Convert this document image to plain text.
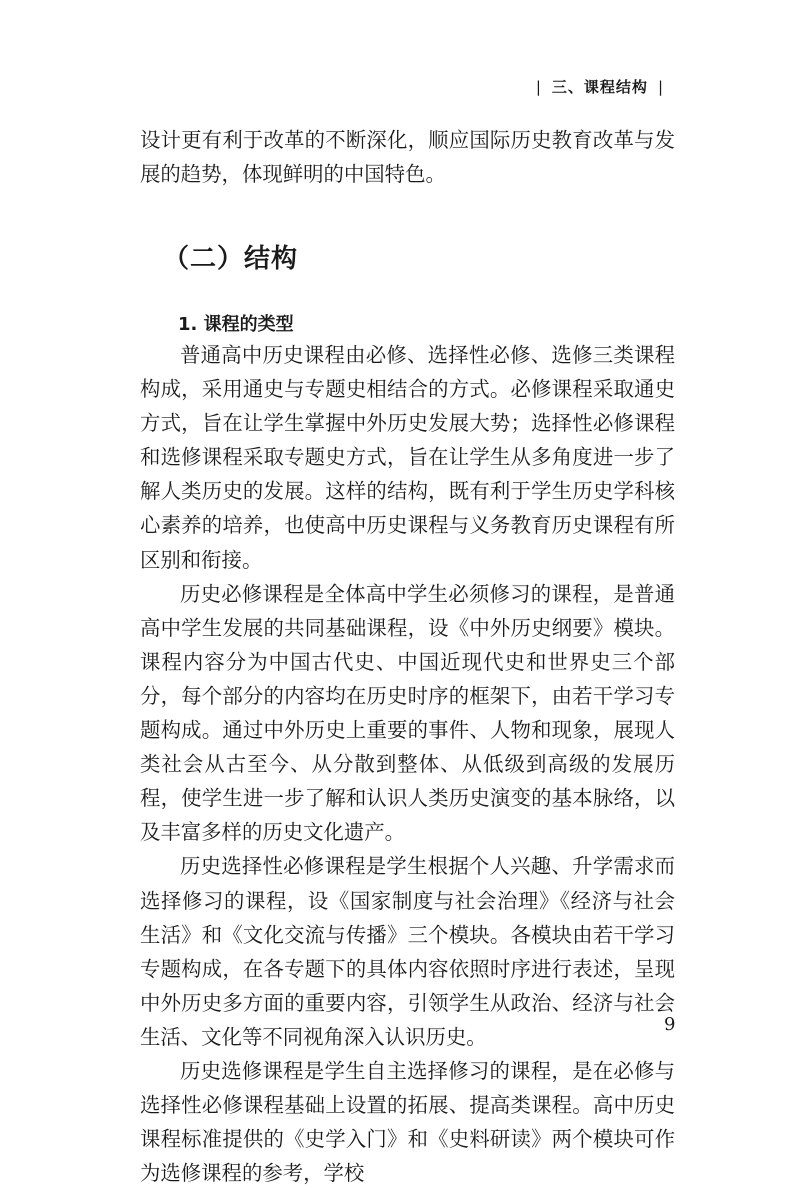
| 三、课程结构 |

设计更有利于改革的不断深化，顺应国际历史教育改革与发展的趋势，体现鲜明的中国特色。

（二）结构
1. 课程的类型

普通高中历史课程由必修、选择性必修、选修三类课程构成，采用通史与专题史相结合的方式。必修课程采取通史方式，旨在让学生掌握中外历史发展大势；选择性必修课程和选修课程采取专题史方式，旨在让学生从多角度进一步了解人类历史的发展。这样的结构，既有利于学生历史学科核心素养的培养，也使高中历史课程与义务教育历史课程有所区别和衔接。

历史必修课程是全体高中学生必须修习的课程，是普通高中学生发展的共同基础课程，设《中外历史纲要》模块。课程内容分为中国古代史、中国近现代史和世界史三个部分，每个部分的内容均在历史时序的框架下，由若干学习专题构成。通过中外历史上重要的事件、人物和现象，展现人类社会从古至今、从分散到整体、从低级到高级的发展历程，使学生进一步了解和认识人类历史演变的基本脉络，以及丰富多样的历史文化遗产。

历史选择性必修课程是学生根据个人兴趣、升学需求而选择修习的课程，设《国家制度与社会治理》《经济与社会生活》和《文化交流与传播》三个模块。各模块由若干学习专题构成，在各专题下的具体内容依照时序进行表述，呈现中外历史多方面的重要内容，引领学生从政治、经济与社会生活、文化等不同视角深入认识历史。

历史选修课程是学生自主选择修习的课程，是在必修与选择性必修课程基础上设置的拓展、提高类课程。高中历史课程标准提供的《史学入门》和《史料研读》两个模块可作为选修课程的参考，学校

9
